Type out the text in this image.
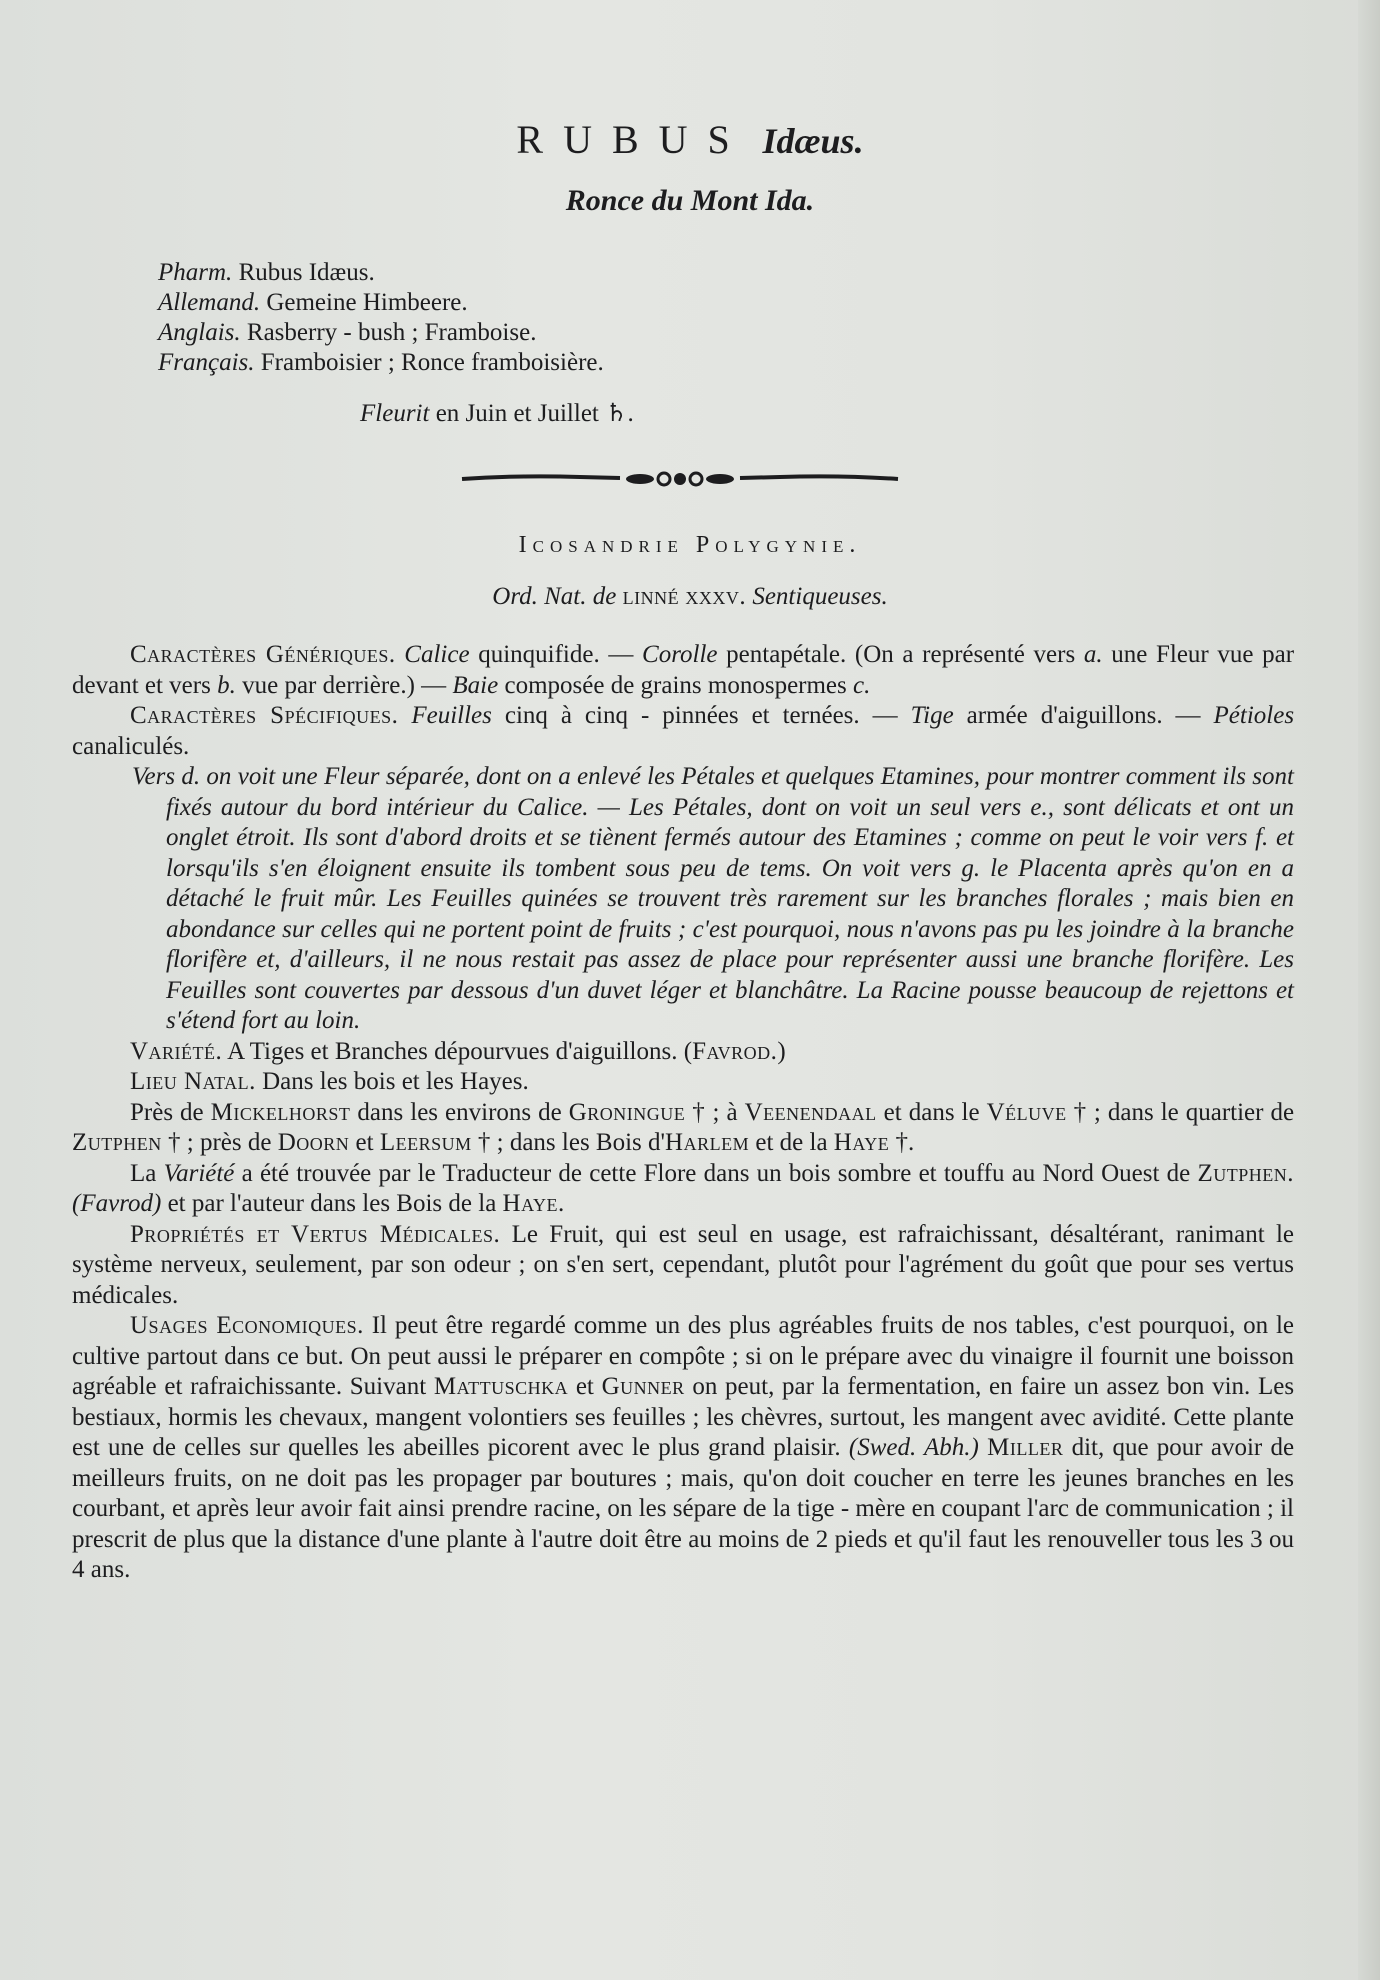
RUBUS Idæus.
Ronce du Mont Ida.
Pharm. Rubus Idæus.
Allemand. Gemeine Himbeere.
Anglais. Rasberry - bush ; Framboise.
Français. Framboisier ; Ronce framboisière.
Fleurit en Juin et Juillet ♄.
Icosandrie Polygynie.
Ord. Nat. de linné xxxv. Sentiqueuses.

Caractères Génériques. Calice quinquifide. — Corolle pentapétale. (On a représenté vers a. une Fleur vue par devant et vers b. vue par derrière.) — Baie composée de grains monospermes c.

Caractères Spécifiques. Feuilles cinq à cinq - pinnées et ternées. — Tige armée d'aiguillons. — Pétioles canaliculés.

Vers d. on voit une Fleur séparée, dont on a enlevé les Pétales et quelques Etamines, pour montrer comment ils sont fixés autour du bord intérieur du Calice. — Les Pétales, dont on voit un seul vers e., sont délicats et ont un onglet étroit. Ils sont d'abord droits et se tiènent fermés autour des Etamines ; comme on peut le voir vers f. et lorsqu'ils s'en éloignent ensuite ils tombent sous peu de tems. On voit vers g. le Placenta après qu'on en a détaché le fruit mûr. Les Feuilles quinées se trouvent très rarement sur les branches florales ; mais bien en abondance sur celles qui ne portent point de fruits ; c'est pourquoi, nous n'avons pas pu les joindre à la branche florifère et, d'ailleurs, il ne nous restait pas assez de place pour représenter aussi une branche florifère. Les Feuilles sont couvertes par dessous d'un duvet léger et blanchâtre. La Racine pousse beaucoup de rejettons et s'étend fort au loin.

Variété. A Tiges et Branches dépourvues d'aiguillons. (Favrod.)

Lieu Natal. Dans les bois et les Hayes.

Près de Mickelhorst dans les environs de Groningue † ; à Veenendaal et dans le Véluve † ; dans le quartier de Zutphen † ; près de Doorn et Leersum † ; dans les Bois d'Harlem et de la Haye †.

La Variété a été trouvée par le Traducteur de cette Flore dans un bois sombre et touffu au Nord Ouest de Zutphen. (Favrod) et par l'auteur dans les Bois de la Haye.

Propriétés et Vertus Médicales. Le Fruit, qui est seul en usage, est rafraichissant, désaltérant, ranimant le système nerveux, seulement, par son odeur ; on s'en sert, cependant, plutôt pour l'agrément du goût que pour ses vertus médicales.

Usages Economiques. Il peut être regardé comme un des plus agréables fruits de nos tables, c'est pourquoi, on le cultive partout dans ce but. On peut aussi le préparer en compôte ; si on le prépare avec du vinaigre il fournit une boisson agréable et rafraichissante. Suivant Mattuschka et Gunner on peut, par la fermentation, en faire un assez bon vin. Les bestiaux, hormis les chevaux, mangent volontiers ses feuilles ; les chèvres, surtout, les mangent avec avidité. Cette plante est une de celles sur quelles les abeilles picorent avec le plus grand plaisir. (Swed. Abh.) Miller dit, que pour avoir de meilleurs fruits, on ne doit pas les propager par boutures ; mais, qu'on doit coucher en terre les jeunes branches en les courbant, et après leur avoir fait ainsi prendre racine, on les sépare de la tige - mère en coupant l'arc de communication ; il prescrit de plus que la distance d'une plante à l'autre doit être au moins de 2 pieds et qu'il faut les renouveller tous les 3 ou 4 ans.
